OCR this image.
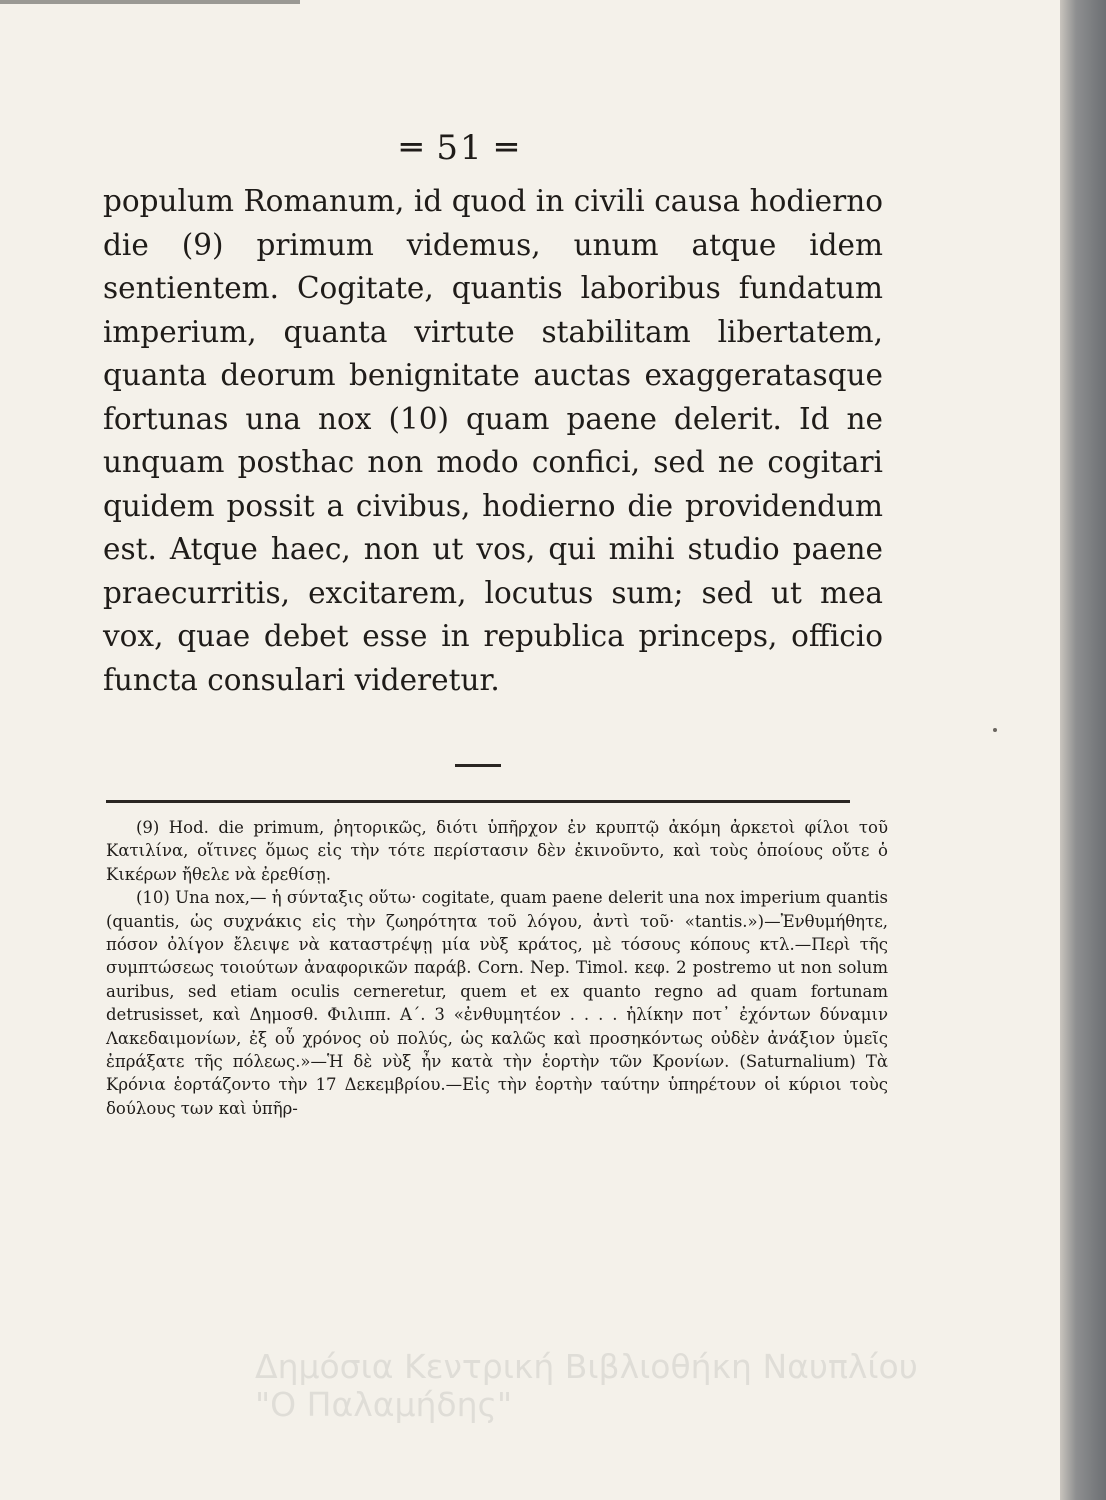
═ 51 ═
populum Romanum, id quod in civili causa hodierno die (9) primum videmus, unum atque idem sentientem. Cogitate, quantis laboribus fundatum imperium, quanta virtute stabilitam libertatem, quanta deorum benignitate auctas exaggeratasque fortunas una nox (10) quam paene delerit. Id ne unquam posthac non modo confici, sed ne cogitari quidem possit a civibus, hodierno die providendum est. Atque haec, non ut vos, qui mihi studio paene praecurritis, excitarem, locutus sum; sed ut mea vox, quae debet esse in republica princeps, officio functa consulari videretur.

(9) Hod. die primum, ῥητορικῶς, διότι ὑπῆρχον ἐν κρυπτῷ ἀκόμη ἀρκετοὶ φίλοι τοῦ Κατιλίνα, οἵτινες ὅμως εἰς τὴν τότε περίστασιν δὲν ἐκινοῦντο, καὶ τοὺς ὁποίους οὔτε ὁ Κικέρων ἤθελε νὰ ἐρεθίσῃ.

(10) Una nox,— ἡ σύνταξις οὕτω· cogitate, quam paene delerit una nox imperium quantis (quantis, ὡς συχνάκις εἰς τὴν ζωηρότητα τοῦ λόγου, ἀντὶ τοῦ· «tantis.»)—Ἐνθυμήθητε, πόσον ὀλίγον ἔλειψε νὰ καταστρέψῃ μία νὺξ κράτος, μὲ τόσους κόπους κτλ.—Περὶ τῆς συμπτώσεως τοιούτων ἀναφορικῶν παράβ. Corn. Nep. Timol. κεφ. 2 postremo ut non solum auribus, sed etiam oculis cerneretur, quem et ex quanto regno ad quam fortunam detrusisset, καὶ Δημοσθ. Φιλιππ. Α΄. 3 «ἐνθυμητέον . . . . ἡλίκην ποτ᾽ ἐχόντων δύναμιν Λακεδαιμονίων, ἐξ οὗ χρόνος οὐ πολύς, ὡς καλῶς καὶ προσηκόντως οὐδὲν ἀνάξιον ὑμεῖς ἐπράξατε τῆς πόλεως.»—Ἡ δὲ νὺξ ἦν κατὰ τὴν ἑορτὴν τῶν Κρονίων. (Saturnalium) Τὰ Κρόνια ἑορτάζοντο τὴν 17 Δεκεμβρίου.—Εἰς τὴν ἑορτὴν ταύτην ὑπηρέτουν οἱ κύριοι τοὺς δούλους των καὶ ὑπῆρ-

Δημόσια Κεντρική Βιβλιοθήκη Ναυπλίου
"Ο Παλαμήδης"
